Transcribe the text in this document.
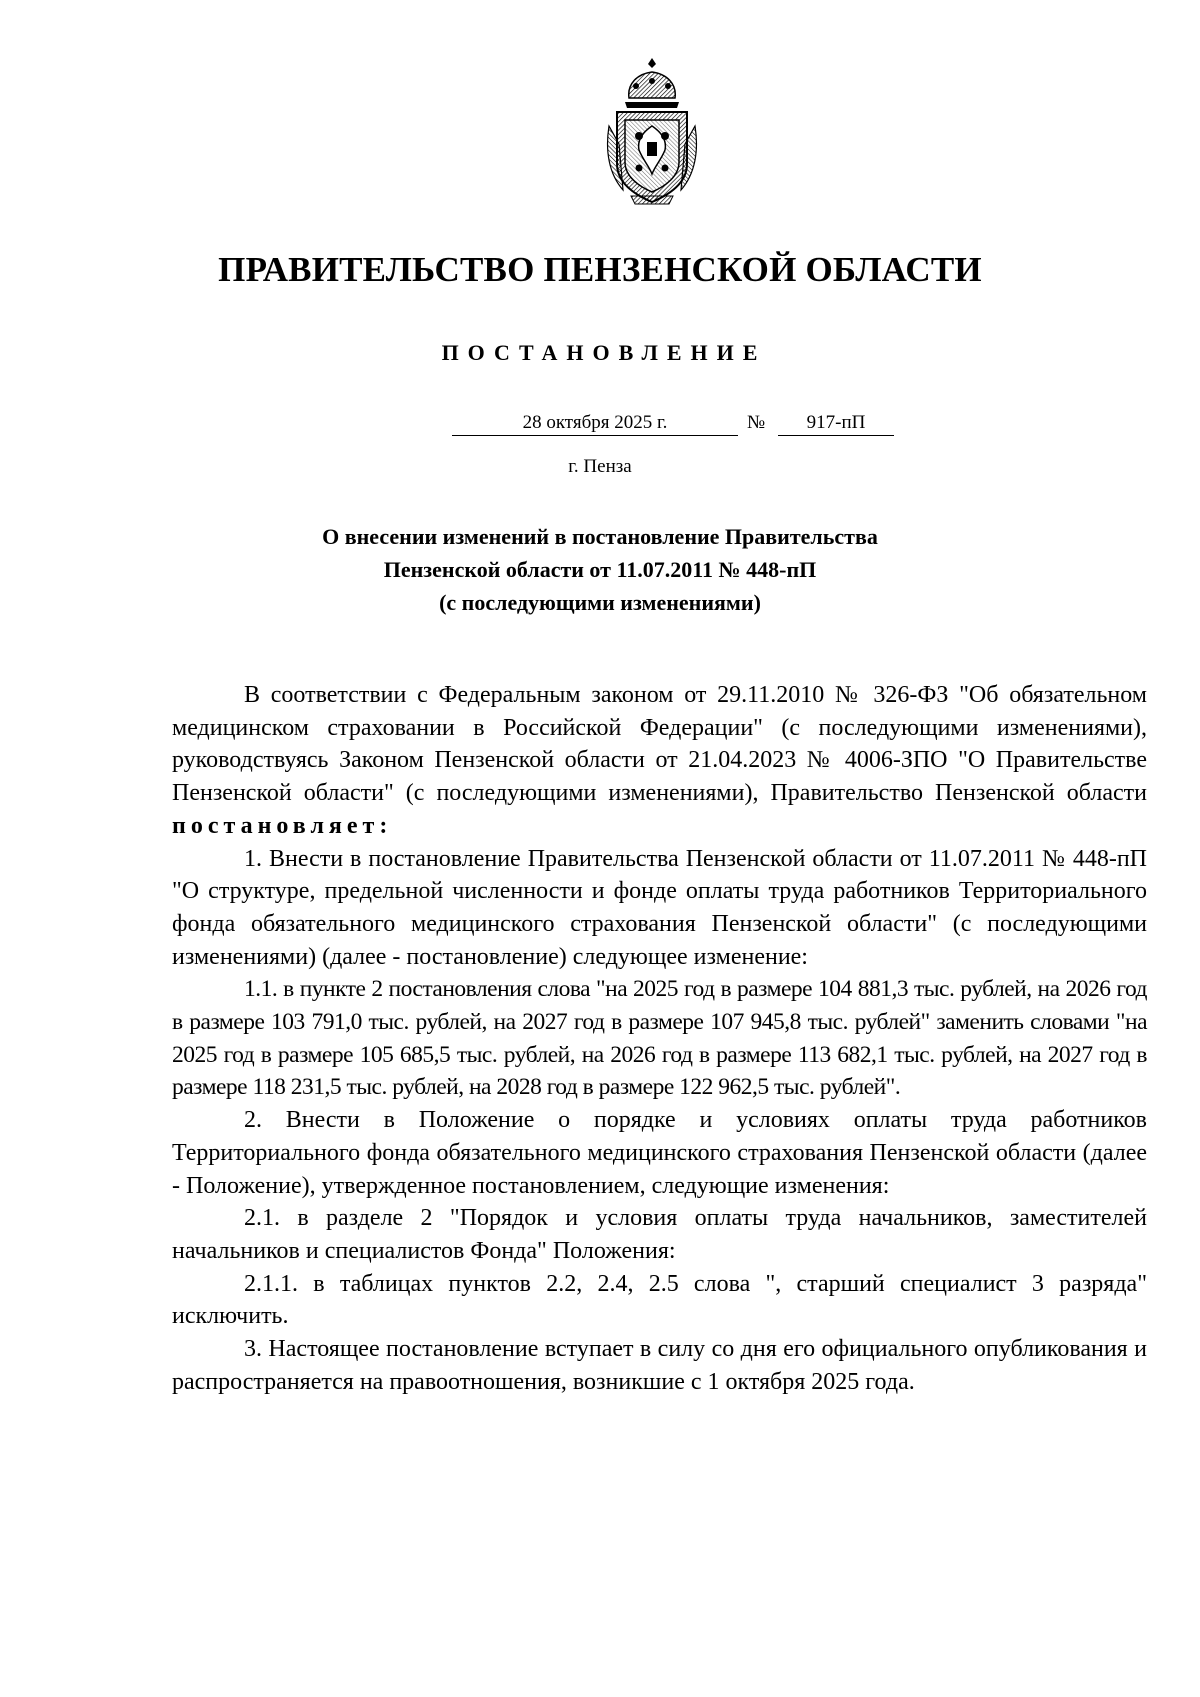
ПРАВИТЕЛЬСТВО ПЕНЗЕНСКОЙ ОБЛАСТИ
ПОСТАНОВЛЕНИЕ
28 октября 2025 г.	№	917-пП
г. Пенза
О внесении изменений в постановление Правительства
Пензенской области от 11.07.2011 № 448-пП
(с последующими изменениями)

В соответствии с Федеральным законом от 29.11.2010 № 326-ФЗ "Об обязательном медицинском страховании в Российской Федерации" (с последующими изменениями), руководствуясь Законом Пензенской области от 21.04.2023 № 4006-ЗПО "О Правительстве Пензенской области" (с последующими изменениями), Правительство Пензенской области постановляет:

1. Внести в постановление Правительства Пензенской области от 11.07.2011 № 448-пП "О структуре, предельной численности и фонде оплаты труда работников Территориального фонда обязательного медицинского страхования Пензенской области" (с последующими изменениями) (далее - постановление) следующее изменение:

1.1. в пункте 2 постановления слова "на 2025 год в размере 104 881,3 тыс. рублей, на 2026 год в размере 103 791,0 тыс. рублей, на 2027 год в размере 107 945,8 тыс. рублей" заменить словами "на 2025 год в размере 105 685,5 тыс. рублей, на 2026 год в размере 113 682,1 тыс. рублей, на 2027 год в размере 118 231,5 тыс. рублей, на 2028 год в размере 122 962,5 тыс. рублей".

2. Внести в Положение о порядке и условиях оплаты труда работников Территориального фонда обязательного медицинского страхования Пензенской области (далее - Положение), утвержденное постановлением, следующие изменения:

2.1. в разделе 2 "Порядок и условия оплаты труда начальников, заместителей начальников и специалистов Фонда" Положения:

2.1.1. в таблицах пунктов 2.2, 2.4, 2.5 слова ", старший специалист 3 разряда" исключить.

3. Настоящее постановление вступает в силу со дня его официального опубликования и распространяется на правоотношения, возникшие с 1 октября 2025 года.
